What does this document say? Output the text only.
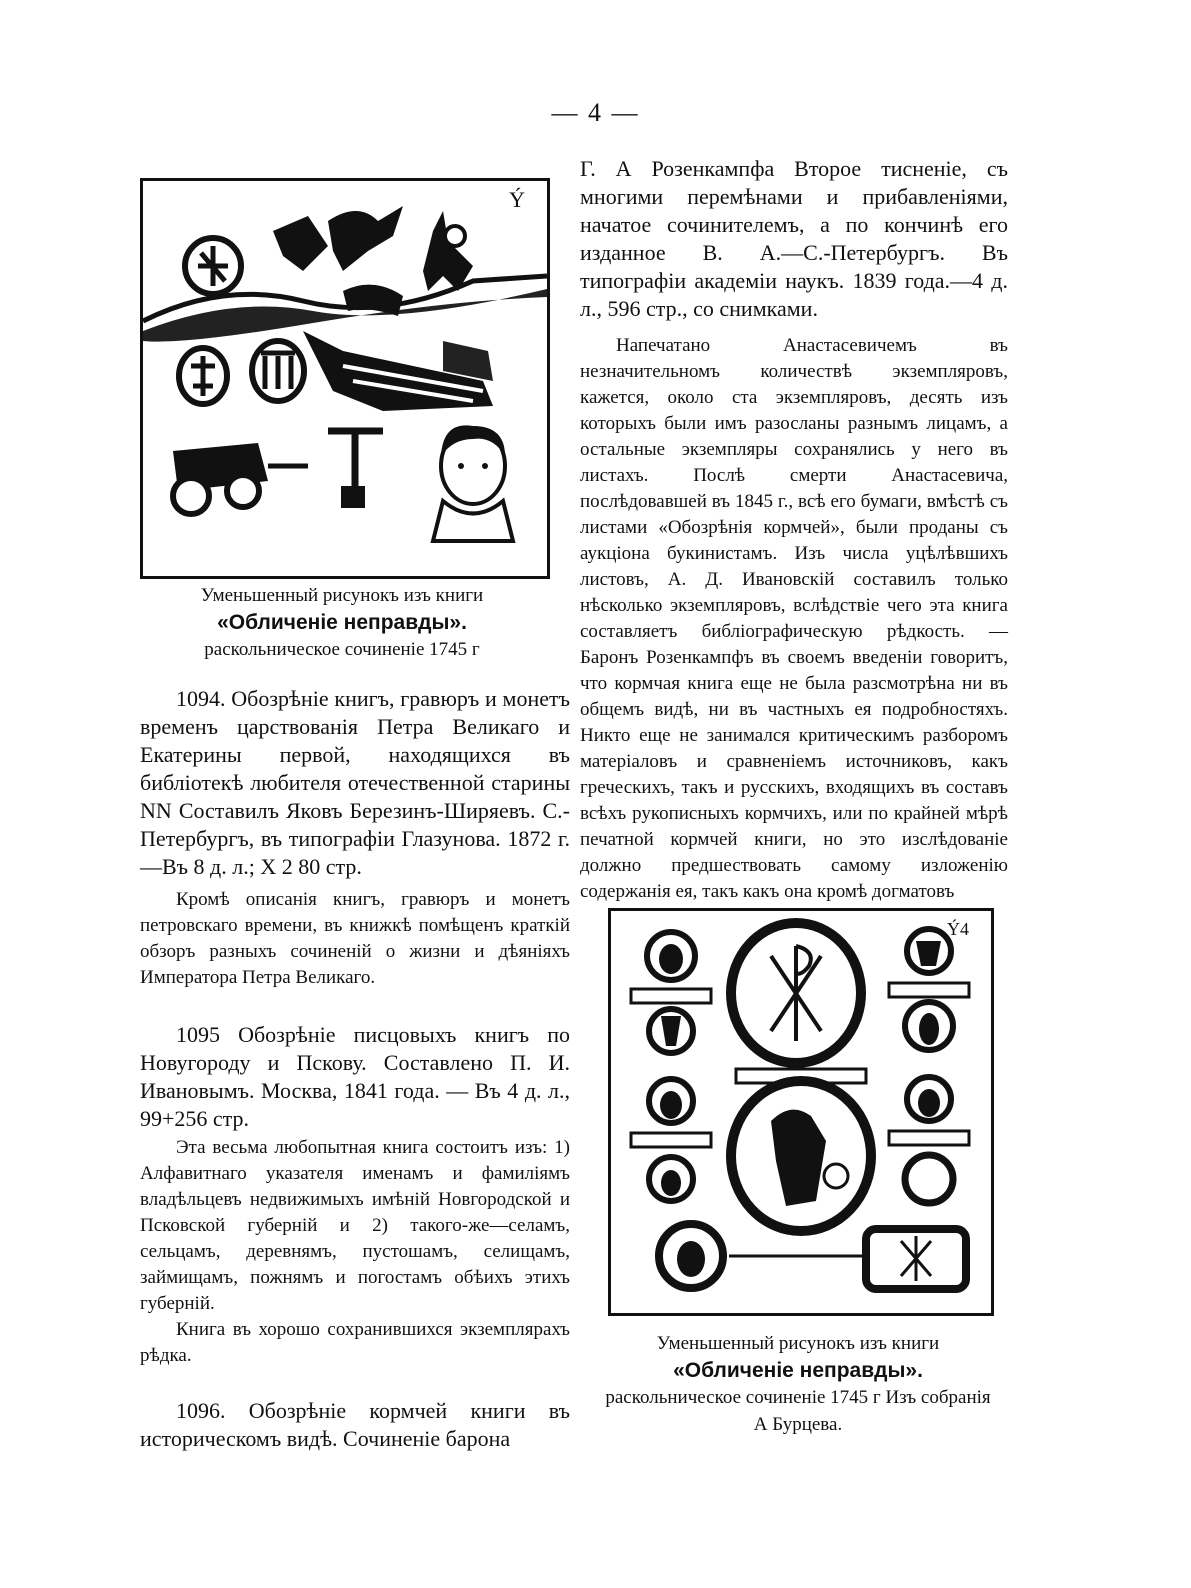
— 4 —
Ý
Уменьшенный рисунокъ изъ книги
«Обличенiе неправды».
раскольническое сочиненiе 1745 г

1094. Обозрѣнiе книгъ, гравюръ и монетъ временъ царствованiя Петра Великаго и Екатерины первой, находящихся въ библiотекѣ любителя отечественной старины NN Составилъ Яковъ Березинъ-Ширяевъ. С.-Петербургъ, въ типографiи Глазунова. 1872 г.—Въ 8 д. л.; X 2 80 стр.

Кромѣ описанiя книгъ, гравюръ и монетъ петровскаго времени, въ книжкѣ помѣщенъ краткiй обзоръ разныхъ сочиненiй о жизни и дѣянiяхъ Императора Петра Великаго.

1095 Обозрѣнiе писцовыхъ книгъ по Новугороду и Пскову. Составлено П. И. Ивановымъ. Москва, 1841 года. — Въ 4 д. л., 99+256 стр.

Эта весьма любопытная книга состоитъ изъ: 1) Алфавитнаго указателя именамъ и фамилiямъ владѣльцевъ недвижимыхъ имѣнiй Новгородской и Псковской губернiй и 2) такого-же—селамъ, сельцамъ, деревнямъ, пустошамъ, селищамъ, займищамъ, пожнямъ и погостамъ обѣихъ этихъ губернiй.

Книга въ хорошо сохранившихся экземплярахъ рѣдка.

1096. Обозрѣнiе кормчей книги въ историческомъ видѣ. Сочиненiе барона

Г. А Розенкампфа Второе тисненiе, съ многими перемѣнами и прибавленiями, начатое сочинителемъ, а по кончинѣ его изданное В. А.—С.-Петербургъ. Въ типографiи академiи наукъ. 1839 года.—4 д. л., 596 стр., со снимками.

Напечатано Анастасевичемъ въ незначительномъ количествѣ экземпляровъ, кажется, около ста экземпляровъ, десять изъ которыхъ были имъ разосланы разнымъ лицамъ, а остальные экземпляры сохранялись у него въ листахъ. Послѣ смерти Анастасевича, послѣдовавшей въ 1845 г., всѣ его бумаги, вмѣстѣ съ листами «Обозрѣнiя кормчей», были проданы съ аукцiона букинистамъ. Изъ числа уцѣлѣвшихъ листовъ, А. Д. Ивановскiй составилъ только нѣсколько экземпляровъ, вслѣдствiе чего эта книга составляетъ библiографическую рѣдкость. — Баронъ Розенкампфъ въ своемъ введенiи говоритъ, что кормчая книга еще не была разсмотрѣна ни въ общемъ видѣ, ни въ частныхъ ея подробностяхъ. Никто еще не занимался критическимъ разборомъ матерiаловъ и сравненiемъ источниковъ, какъ греческихъ, такъ и русскихъ, входящихъ въ составъ всѣхъ рукописныхъ кормчихъ, или по крайней мѣрѣ печатной кормчей книги, но это изслѣдованiе должно предшествовать самому изложенiю содержанiя ея, такъ какъ она кромѣ догматовъ

Ý4
Уменьшенный рисунокъ изъ книги
«Обличенiе неправды».
раскольническое сочиненiе 1745 г Изъ собранiя А Бурцева.
